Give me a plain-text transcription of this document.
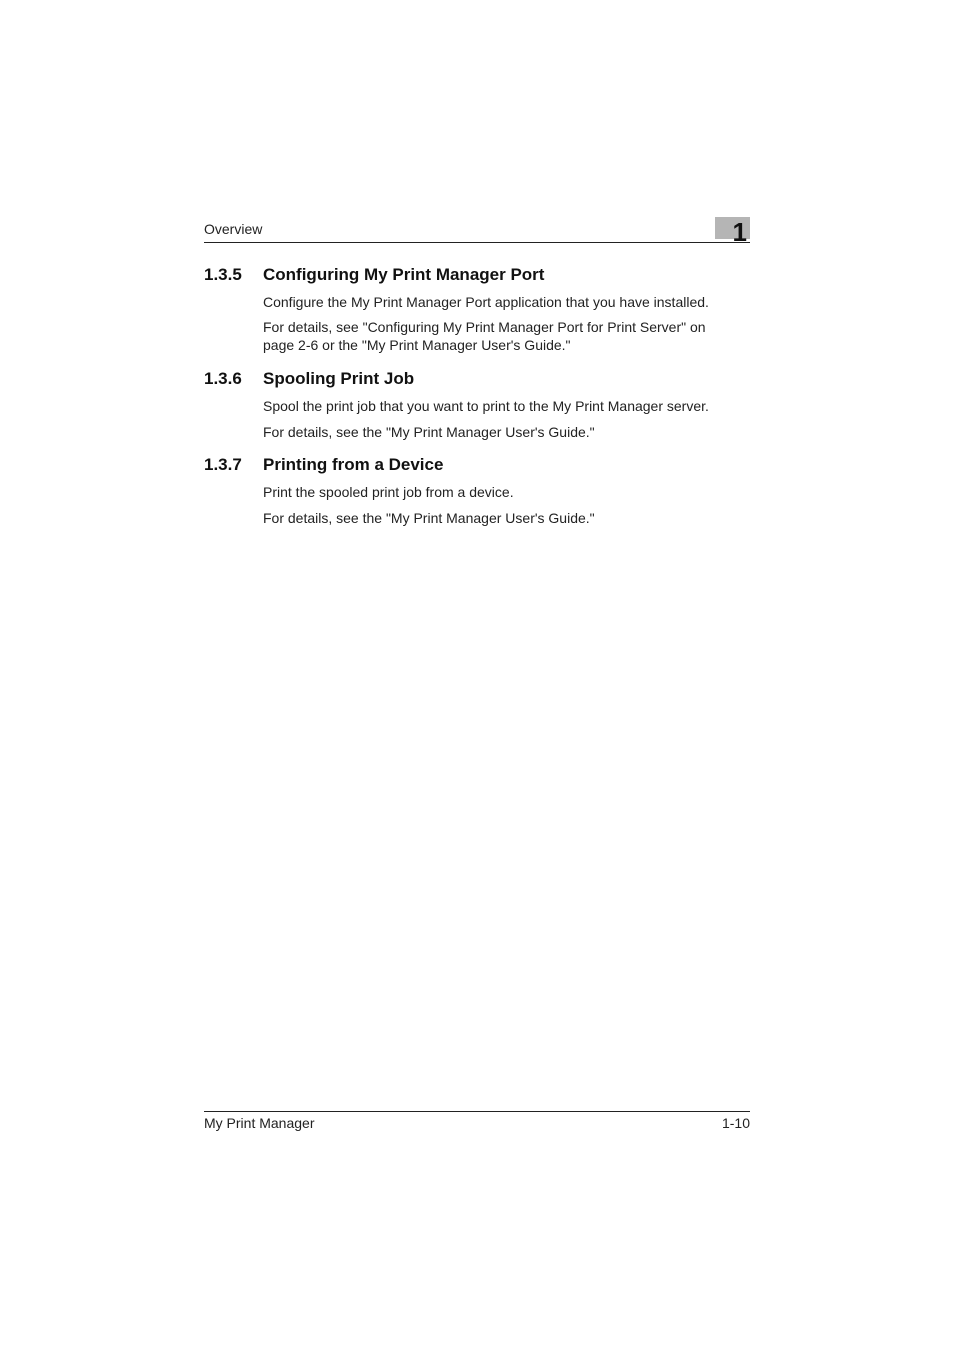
Overview	1
1.3.5 Configuring My Print Manager Port

Configure the My Print Manager Port application that you have installed.

For details, see "Configuring My Print Manager Port for Print Server" on page 2-6 or the "My Print Manager User's Guide."

1.3.6 Spooling Print Job

Spool the print job that you want to print to the My Print Manager server.

For details, see the "My Print Manager User's Guide."

1.3.7 Printing from a Device

Print the spooled print job from a device.

For details, see the "My Print Manager User's Guide."

My Print Manager	1-10
